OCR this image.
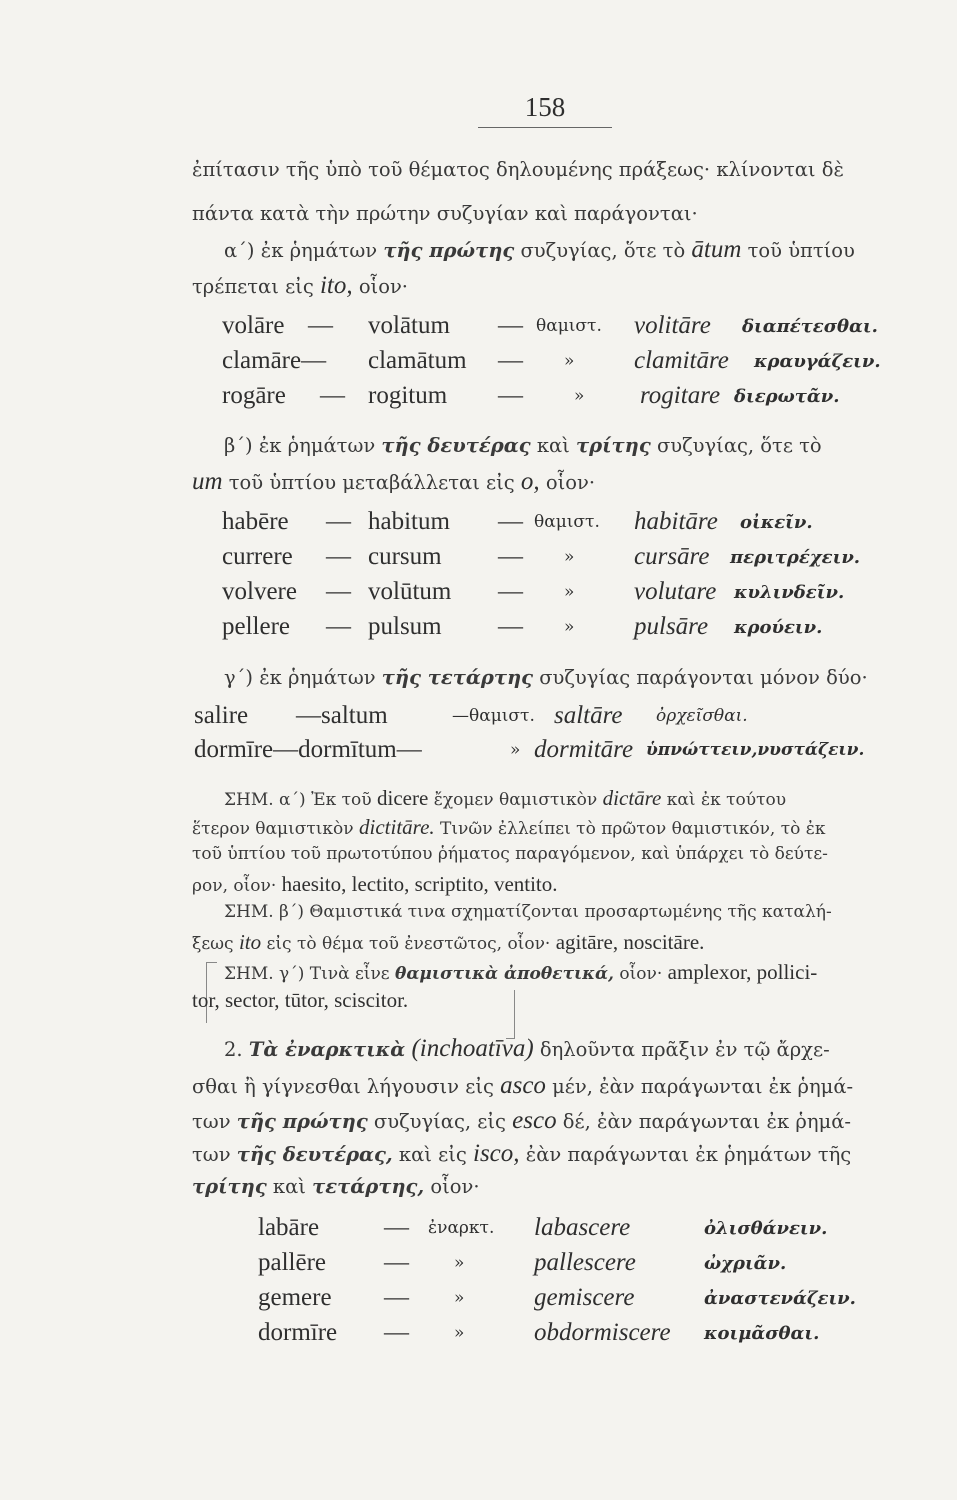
158
ἐπίτασιν τῆς ὑπὸ τοῦ θέματος δηλουμένης πράξεως· κλίνονται δὲ
πάντα κατὰ τὴν πρώτην συζυγίαν καὶ παράγονται·
α΄) ἐκ ῥημάτων τῆς πρώτης συζυγίας, ὅτε τὸ ātum τοῦ ὑπτίου
τρέπεται εἰς ito, οἷον·
volāre — volātum — θαμιστ. volitāre διαπέτεσθαι.
clamāre— clamātum — » clamitāre κραυγάζειν.
rogāre — rogitum —	» rogitare διερωτᾶν.
β΄) ἐκ ῥημάτων τῆς δευτέρας καὶ τρίτης συζυγίας, ὅτε τὸ
um τοῦ ὑπτίου μεταβάλλεται εἰς o, οἷον·
habēre — habitum — θαμιστ. habitāre οἰκεῖν.
currere — cursum — » cursāre περιτρέχειν.
volvere — volūtum — » volutare κυλινδεῖν.
pellere — pulsum — » pulsāre κρούειν.
γ΄) ἐκ ῥημάτων τῆς τετάρτης συζυγίας παράγονται μόνον δύο·
salire —saltum	—θαμιστ. saltāre ὀρχεῖσθαι.
dormīre—dormītum—	» dormitāre ὑπνώττειν,νυστάζειν.
ΣΗΜ. α΄) Ἐκ τοῦ dicere ἔχομεν θαμιστικὸν dictāre καὶ ἐκ τούτου
ἕτερον θαμιστικὸν dictitāre. Τινῶν ἐλλείπει τὸ πρῶτον θαμιστικόν, τὸ ἐκ
τοῦ ὑπτίου τοῦ πρωτοτύπου ῥήματος παραγόμενον, καὶ ὑπάρχει τὸ δεύτε-
ρον, οἷον· haesito, lectito, scriptito, ventito.
ΣΗΜ. β΄) Θαμιστικά τινα σχηματίζονται προσαρτωμένης τῆς καταλή-
ξεως ito εἰς τὸ θέμα τοῦ ἐνεστῶτος, οἷον· agitāre, noscitāre.
ΣΗΜ. γ΄) Τινὰ εἶνε θαμιστικὰ ἀποθετικά, οἷον· amplexor, pollici-
tor, sector, tūtor, sciscitor.
2. Τὰ ἐναρκτικὰ (inchoatīva) δηλοῦντα πρᾶξιν ἐν τῷ ἄρχε-
σθαι ἢ γίγνεσθαι λήγουσιν εἰς asco μέν, ἐὰν παράγωνται ἐκ ῥημά-
των τῆς πρώτης συζυγίας, εἰς esco δέ, ἐὰν παράγωνται ἐκ ῥημά-
των τῆς δευτέρας, καὶ εἰς isco, ἐὰν παράγωνται ἐκ ῥημάτων τῆς
τρίτης καὶ τετάρτης, οἷον·
labāre	— ἐναρκτ. labascere	ὀλισθάνειν.
pallēre —	»	pallescere	ὠχριᾶν.
gemere —	»	gemiscere	ἀναστενάζειν.
dormīre —	»	obdormiscere κοιμᾶσθαι.
